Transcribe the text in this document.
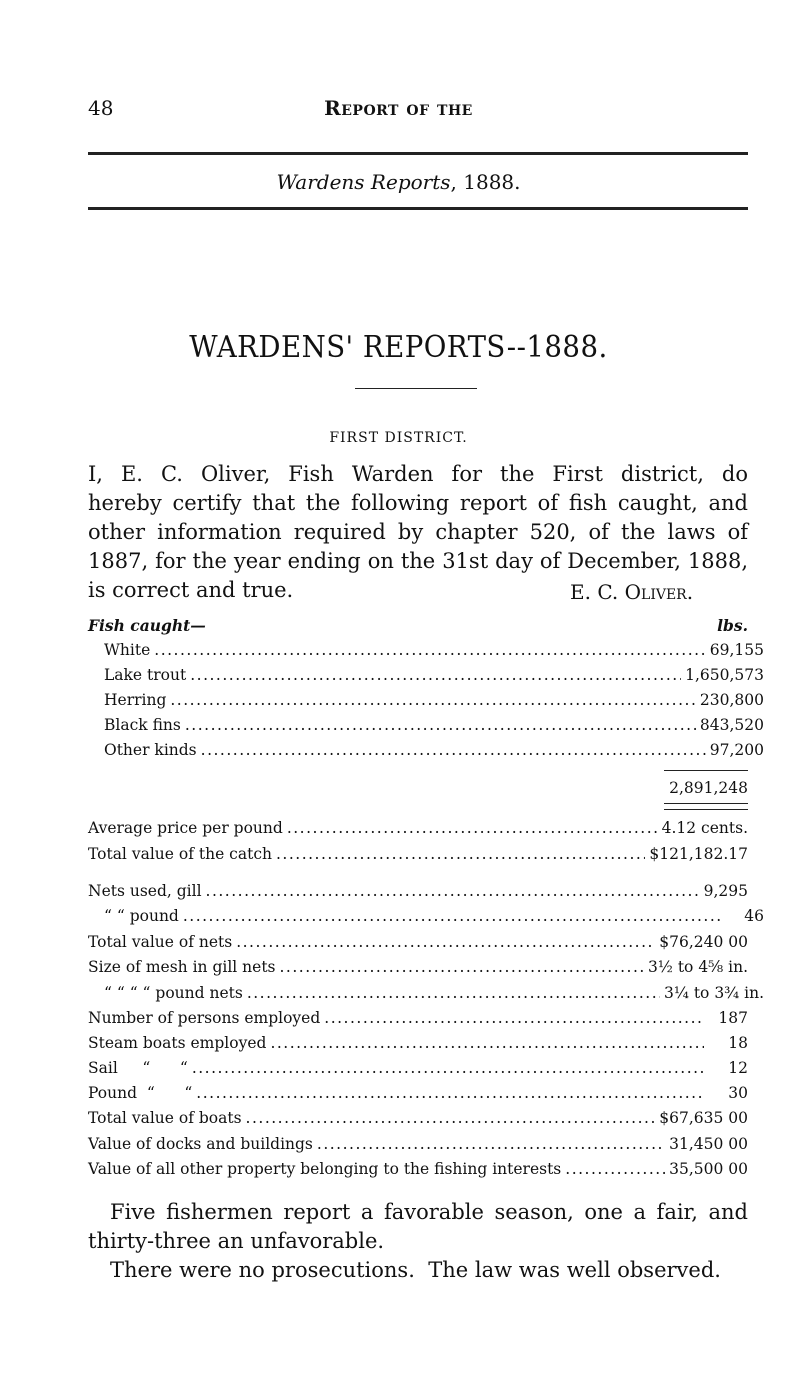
48	Report of the
Wardens Reports, 1888.
WARDENS' REPORTS--1888.
FIRST DISTRICT.

I, E. C. Oliver, Fish Warden for the First district, do

hereby certify that the following report of fish caught, and

other information required by chapter 520, of the laws of

1887, for the year ending on the 31st day of December, 1888,

is correct and true.	E. C. Oliver.
Fish caught—	lbs.
White .....	69,155
Lake trout .....	1,650,573
Herring .....	230,800
Black fins .....	843,520
Other kinds .....	97,200
2,891,248
Average price per pound .....	4.12 cents.
Total value of the catch .....	$121,182.17
Nets used, gill .....	9,295
“ “ pound .....	46
Total value of nets .....	$76,240 00
Size of mesh in gill nets .....	3½ to 4⅝ in.
“ “ “ “ pound nets .....	3¼ to 3¾ in.
Number of persons employed .....	187
Steam boats employed .....	18
Sail     “      “ .....	12
Pound  “      “ .....	30
Total value of boats .....	$67,635 00
Value of docks and buildings .....	31,450 00
Value of all other property belonging to the fishing interests .....	35,500 00

Five fishermen report a favorable season, one a fair, and

thirty-three an unfavorable.

There were no prosecutions.  The law was well observed.
